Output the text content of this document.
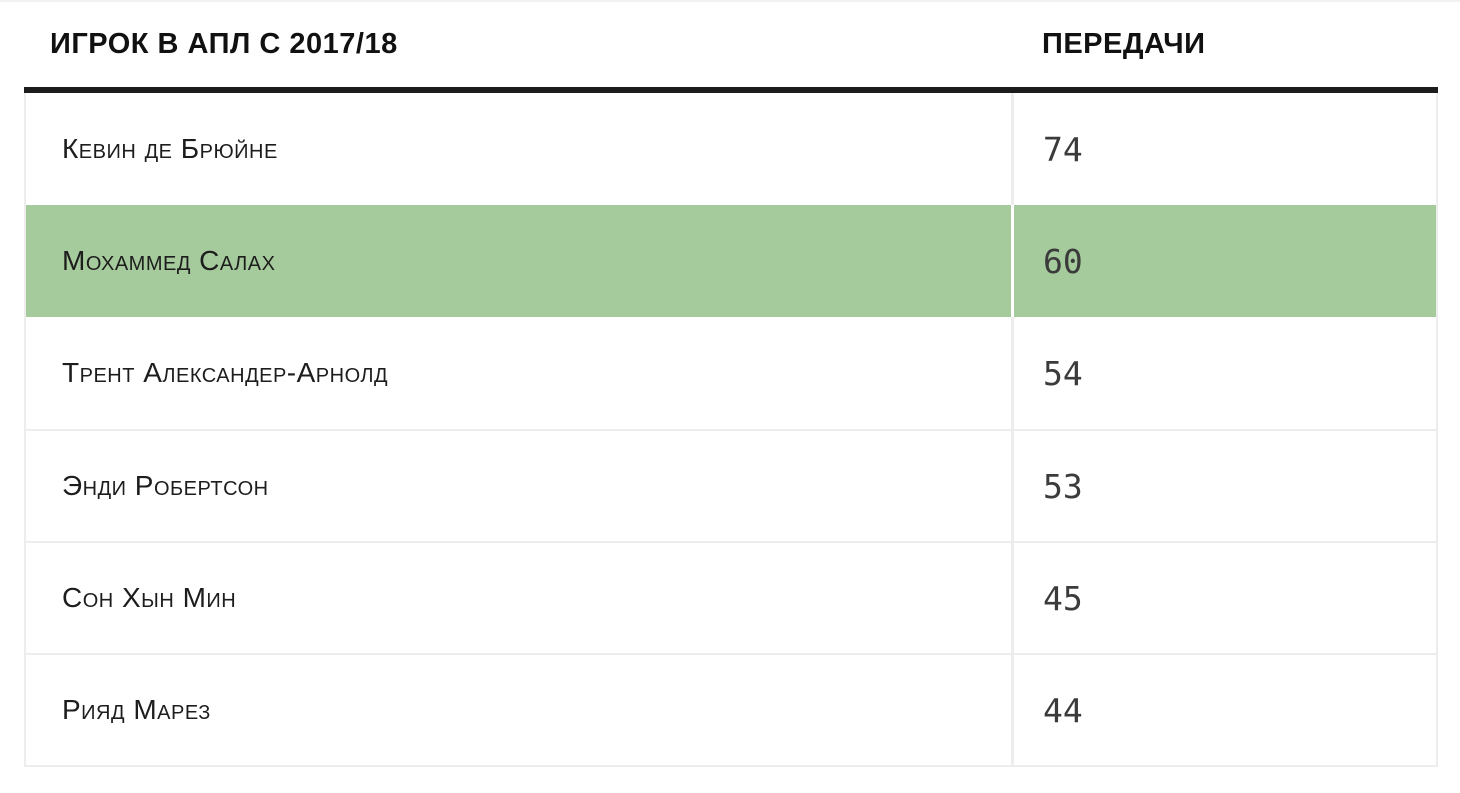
ИГРОК В АПЛ С 2017/18	ПЕРЕДАЧИ
Кевин де Брюйне	74
Мохаммед Салах	60
Трент Александер-Арнолд	54
Энди Робертсон	53
Сон Хын Мин	45
Рияд Марез	44
